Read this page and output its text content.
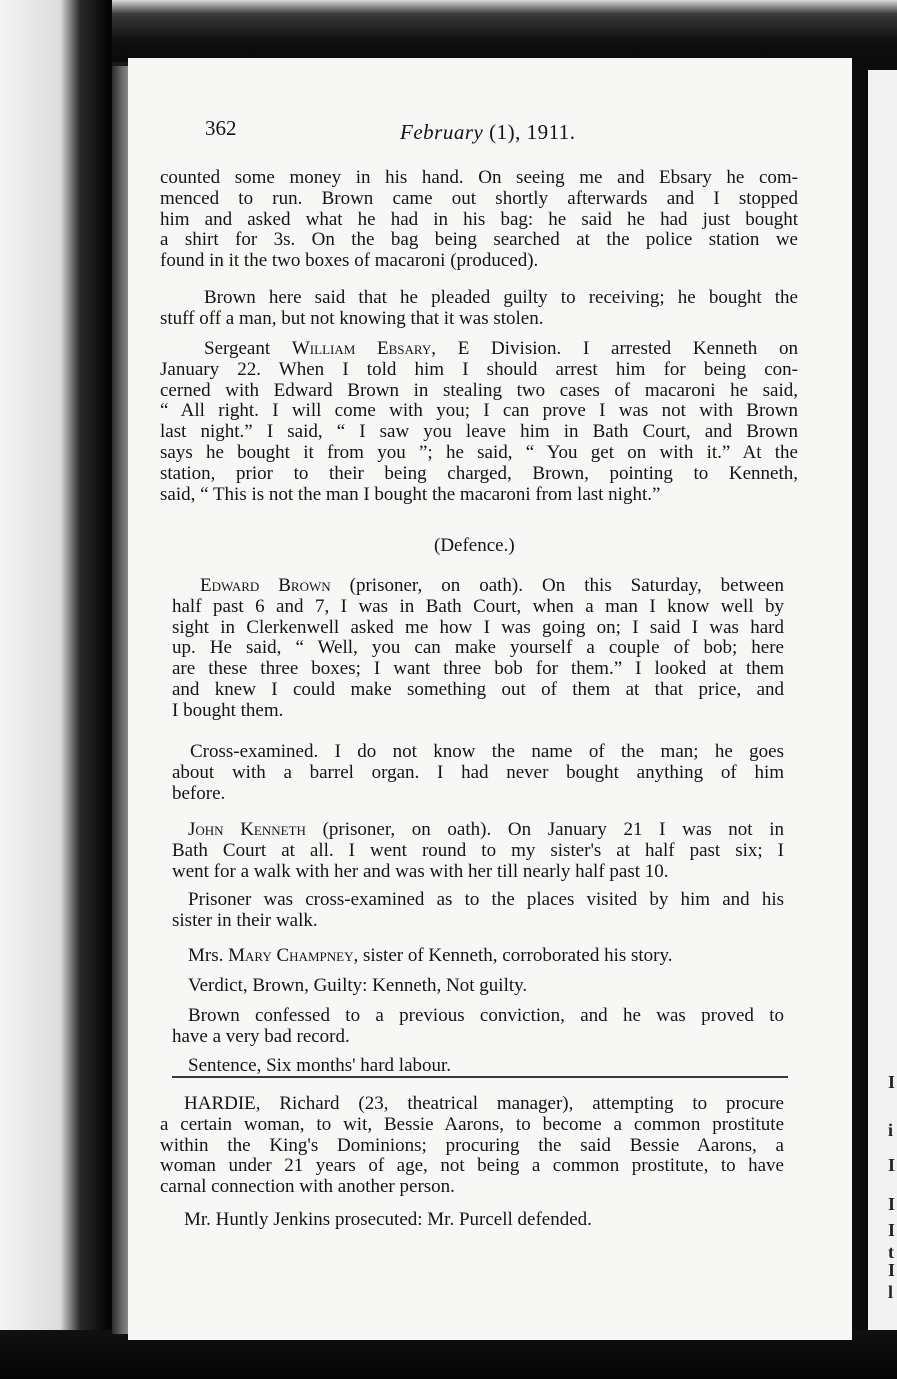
I
i
I
I
I
t
I
l
362	February (1), 1911.
counted some money in his hand. On seeing me and Ebsary he com-
menced to run. Brown came out shortly afterwards and I stopped
him and asked what he had in his bag: he said he had just bought
a shirt for 3s. On the bag being searched at the police station we
found in it the two boxes of macaroni (produced).
Brown here said that he pleaded guilty to receiving; he bought the
stuff off a man, but not knowing that it was stolen.
Sergeant William Ebsary, E Division. I arrested Kenneth on
January 22. When I told him I should arrest him for being con-
cerned with Edward Brown in stealing two cases of macaroni he said,
“ All right. I will come with you; I can prove I was not with Brown
last night.” I said, “ I saw you leave him in Bath Court, and Brown
says he bought it from you ”; he said, “ You get on with it.” At the
station, prior to their being charged, Brown, pointing to Kenneth,
said, “ This is not the man I bought the macaroni from last night.”
(Defence.)
Edward Brown (prisoner, on oath). On this Saturday, between
half past 6 and 7, I was in Bath Court, when a man I know well by
sight in Clerkenwell asked me how I was going on; I said I was hard
up. He said, “ Well, you can make yourself a couple of bob; here
are these three boxes; I want three bob for them.” I looked at them
and knew I could make something out of them at that price, and
I bought them.
Cross-examined. I do not know the name of the man; he goes
about with a barrel organ. I had never bought anything of him
before.
John Kenneth (prisoner, on oath). On January 21 I was not in
Bath Court at all. I went round to my sister's at half past six; I
went for a walk with her and was with her till nearly half past 10.
Prisoner was cross-examined as to the places visited by him and his
sister in their walk.
Mrs. Mary Champney, sister of Kenneth, corroborated his story.
Verdict, Brown, Guilty: Kenneth, Not guilty.
Brown confessed to a previous conviction, and he was proved to
have a very bad record.
Sentence, Six months' hard labour.
HARDIE, Richard (23, theatrical manager), attempting to procure
a certain woman, to wit, Bessie Aarons, to become a common prostitute
within the King's Dominions; procuring the said Bessie Aarons, a
woman under 21 years of age, not being a common prostitute, to have
carnal connection with another person.
Mr. Huntly Jenkins prosecuted: Mr. Purcell defended.
